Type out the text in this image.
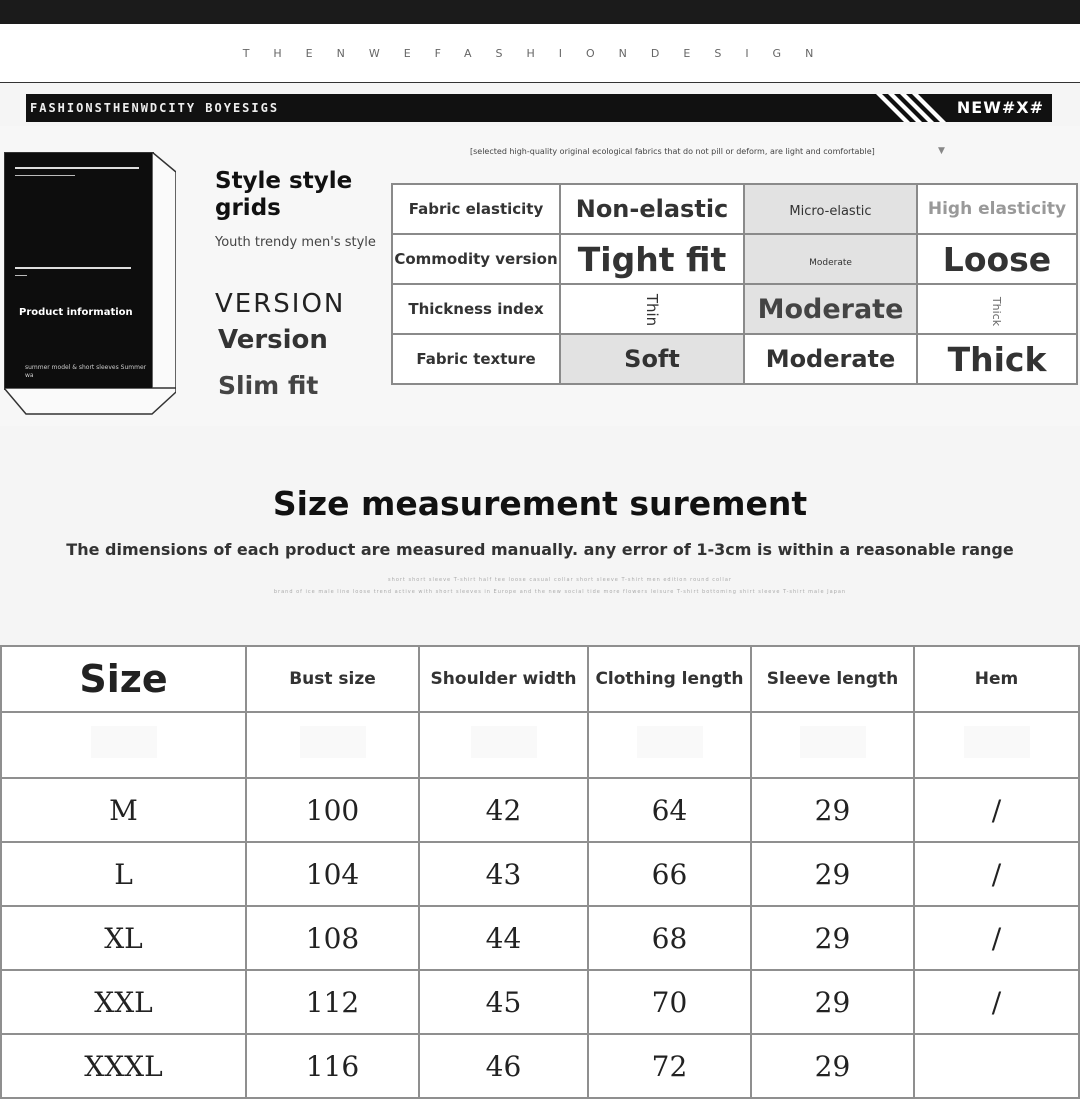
THENWEFASHIONDESIGN
FASHIONSTHENWDCITY BOYESIGS	NEW#X#
Product information
summer model & short sleeves Summer wa
Style style grids
Youth trendy men's style
VERSION
Version
Slim fit
[selected high-quality original ecological fabrics that do not pill or deform, are light and comfortable]	▼
Fabric elasticity	Non-elastic	Micro-elastic	High elasticity
Commodity version	Tight fit	Moderate	Loose
Thickness index	Thin	Moderate	Thick
Fabric texture	Soft	Moderate	Thick
Size measurement surement
The dimensions of each product are measured manually. any error of 1-3cm is within a reasonable range
short short sleeve T-shirt half tee loose casual collar short sleeve T-shirt men edition round collar
brand of ice male line loose trend active with short sleeves in Europe and the new social tide more flowers leisure T-shirt bottoming shirt sleeve T-shirt male Japan
Size	Bust size	Shoulder width	Clothing length	Sleeve length	Hem

M	100	42	64	29	/
L	104	43	66	29	/
XL	108	44	68	29	/
XXL	112	45	70	29	/
XXXL	116	46	72	29	
